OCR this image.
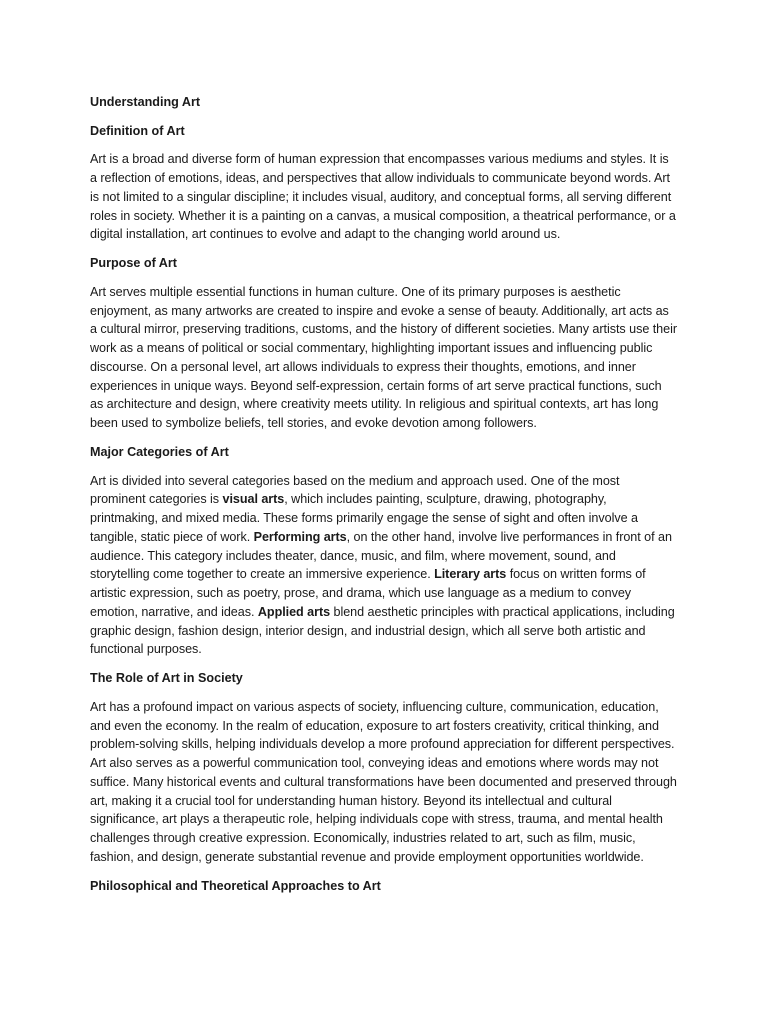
Understanding Art
Definition of Art

Art is a broad and diverse form of human expression that encompasses various mediums and styles. It is a reflection of emotions, ideas, and perspectives that allow individuals to communicate beyond words. Art is not limited to a singular discipline; it includes visual, auditory, and conceptual forms, all serving different roles in society. Whether it is a painting on a canvas, a musical composition, a theatrical performance, or a digital installation, art continues to evolve and adapt to the changing world around us.

Purpose of Art

Art serves multiple essential functions in human culture. One of its primary purposes is aesthetic enjoyment, as many artworks are created to inspire and evoke a sense of beauty. Additionally, art acts as a cultural mirror, preserving traditions, customs, and the history of different societies. Many artists use their work as a means of political or social commentary, highlighting important issues and influencing public discourse. On a personal level, art allows individuals to express their thoughts, emotions, and inner experiences in unique ways. Beyond self-expression, certain forms of art serve practical functions, such as architecture and design, where creativity meets utility. In religious and spiritual contexts, art has long been used to symbolize beliefs, tell stories, and evoke devotion among followers.

Major Categories of Art

Art is divided into several categories based on the medium and approach used. One of the most prominent categories is visual arts, which includes painting, sculpture, drawing, photography, printmaking, and mixed media. These forms primarily engage the sense of sight and often involve a tangible, static piece of work. Performing arts, on the other hand, involve live performances in front of an audience. This category includes theater, dance, music, and film, where movement, sound, and storytelling come together to create an immersive experience. Literary arts focus on written forms of artistic expression, such as poetry, prose, and drama, which use language as a medium to convey emotion, narrative, and ideas. Applied arts blend aesthetic principles with practical applications, including graphic design, fashion design, interior design, and industrial design, which all serve both artistic and functional purposes.

The Role of Art in Society

Art has a profound impact on various aspects of society, influencing culture, communication, education, and even the economy. In the realm of education, exposure to art fosters creativity, critical thinking, and problem-solving skills, helping individuals develop a more profound appreciation for different perspectives. Art also serves as a powerful communication tool, conveying ideas and emotions where words may not suffice. Many historical events and cultural transformations have been documented and preserved through art, making it a crucial tool for understanding human history. Beyond its intellectual and cultural significance, art plays a therapeutic role, helping individuals cope with stress, trauma, and mental health challenges through creative expression. Economically, industries related to art, such as film, music, fashion, and design, generate substantial revenue and provide employment opportunities worldwide.

Philosophical and Theoretical Approaches to Art
